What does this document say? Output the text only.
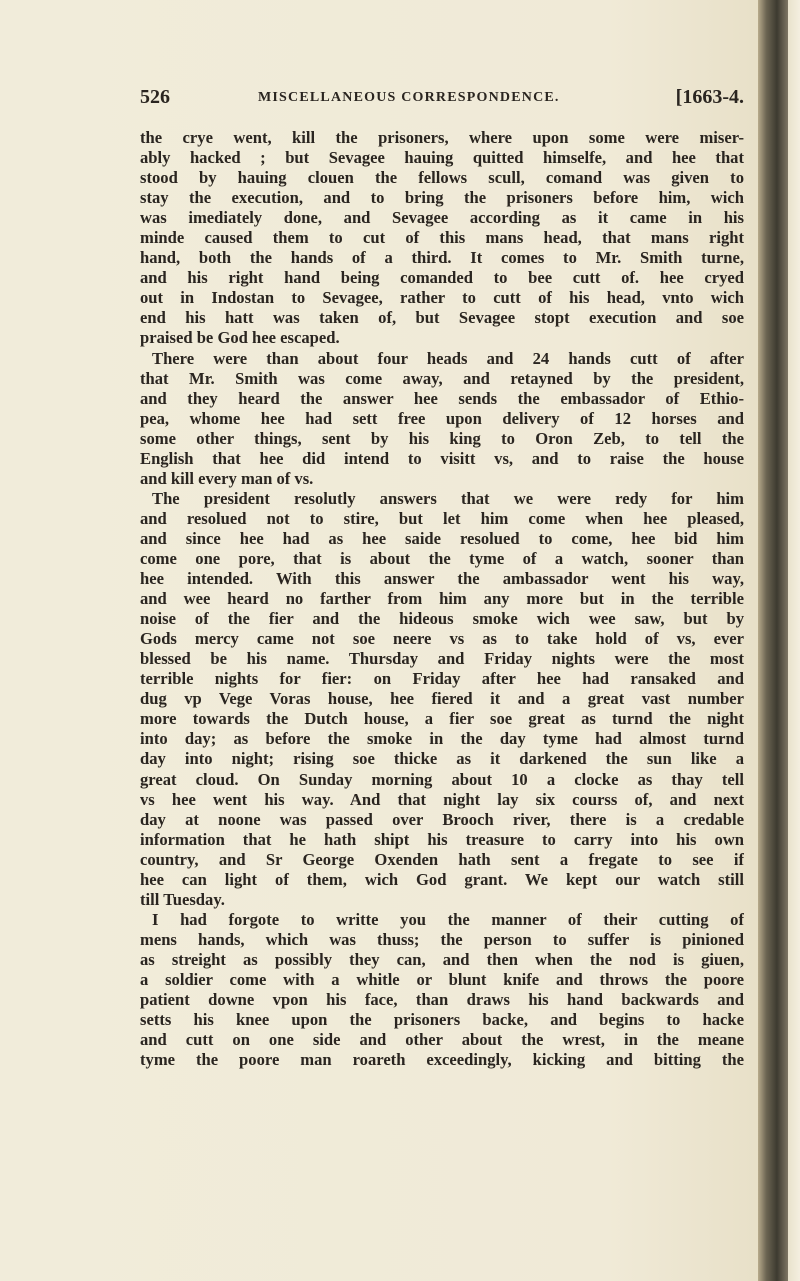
526	MISCELLANEOUS CORRESPONDENCE.	[1663-4.
the crye went, kill the prisoners, where upon some were miser-
ably hacked ; but Sevagee hauing quitted himselfe, and hee that
stood by hauing clouen the fellows scull, comand was given to
stay the execution, and to bring the prisoners before him, wich
was imediately done, and Sevagee according as it came in his
minde caused them to cut of this mans head, that mans right
hand, both the hands of a third. It comes to Mr. Smith turne,
and his right hand being comanded to bee cutt of. hee cryed
out in Indostan to Sevagee, rather to cutt of his head, vnto wich
end his hatt was taken of, but Sevagee stopt execution and soe
praised be God hee escaped.
There were than about four heads and 24 hands cutt of after
that Mr. Smith was come away, and retayned by the president,
and they heard the answer hee sends the embassador of Ethio-
pea, whome hee had sett free upon delivery of 12 horses and
some other things, sent by his king to Oron Zeb, to tell the
English that hee did intend to visitt vs, and to raise the house
and kill every man of vs.
The president resolutly answers that we were redy for him
and resolued not to stire, but let him come when hee pleased,
and since hee had as hee saide resolued to come, hee bid him
come one pore, that is about the tyme of a watch, sooner than
hee intended. With this answer the ambassador went his way,
and wee heard no farther from him any more but in the terrible
noise of the fier and the hideous smoke wich wee saw, but by
Gods mercy came not soe neere vs as to take hold of vs, ever
blessed be his name. Thursday and Friday nights were the most
terrible nights for fier: on Friday after hee had ransaked and
dug vp Vege Voras house, hee fiered it and a great vast number
more towards the Dutch house, a fier soe great as turnd the night
into day; as before the smoke in the day tyme had almost turnd
day into night; rising soe thicke as it darkened the sun like a
great cloud. On Sunday morning about 10 a clocke as thay tell
vs hee went his way. And that night lay six courss of, and next
day at noone was passed over Brooch river, there is a credable
information that he hath shipt his treasure to carry into his own
country, and Sr George Oxenden hath sent a fregate to see if
hee can light of them, wich God grant. We kept our watch still
till Tuesday.
I had forgote to writte you the manner of their cutting of
mens hands, which was thuss; the person to suffer is pinioned
as streight as possibly they can, and then when the nod is giuen,
a soldier come with a whitle or blunt knife and throws the poore
patient downe vpon his face, than draws his hand backwards and
setts his knee upon the prisoners backe, and begins to hacke
and cutt on one side and other about the wrest, in the meane
tyme the poore man roareth exceedingly, kicking and bitting the
